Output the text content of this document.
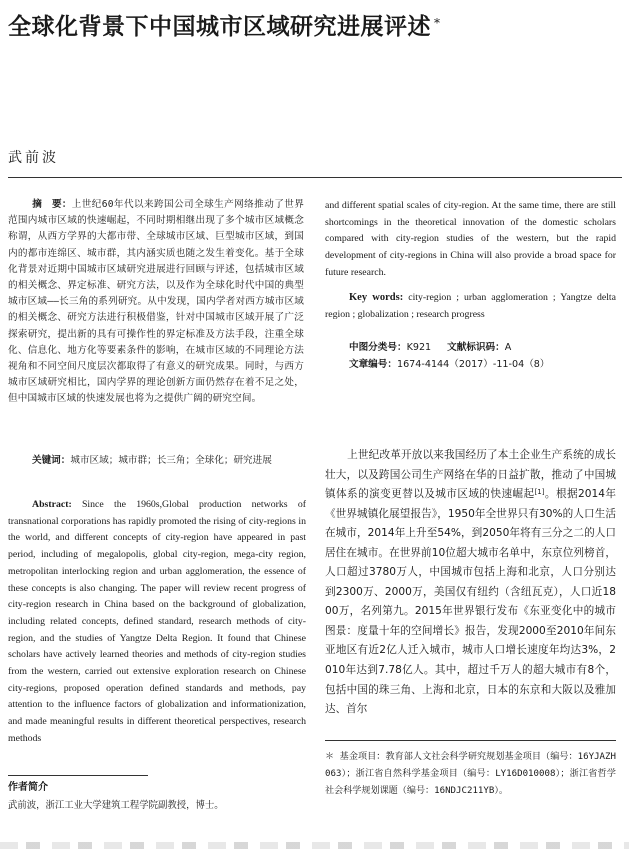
全球化背景下中国城市区域研究进展评述 *
武前波
摘　要：上世纪60年代以来跨国公司全球生产网络推动了世界范围内城市区域的快速崛起，不同时期相继出现了多个城市区域概念称谓，从西方学界的大都市带、全球城市区域、巨型城市区域，到国内的都市连绵区、城市群，其内涵实质也随之发生着变化。基于全球化背景对近期中国城市区域研究进展进行回顾与评述，包括城市区域的相关概念、界定标准、研究方法，以及作为全球化时代中国的典型城市区域——长三角的系列研究。从中发现，国内学者对西方城市区域的相关概念、研究方法进行积极借鉴，针对中国城市区域开展了广泛探索研究，提出新的具有可操作性的界定标准及方法手段，注重全球化、信息化、地方化等要素条件的影响，在城市区域的不同理论方法视角和不同空间尺度层次都取得了有意义的研究成果。同时，与西方城市区域研究相比，国内学界的理论创新方面仍然存在着不足之处，但中国城市区域的快速发展也将为之提供广阔的研究空间。
关键词：城市区域；城市群；长三角；全球化；研究进展
Abstract: Since the 1960s,Global production networks of transnational corporations has rapidly promoted the rising of city-regions in the world, and different concepts of city-region have appeared in past period, including of megalopolis, global city-region, mega-city region, metropolitan interlocking region and urban agglomeration, the essence of these concepts is also changing. The paper will review recent progress of city-region research in China based on the background of globalization, including related concepts, defined standard, research methods of city-region, and the studies of Yangtze Delta Region. It found that Chinese scholars have actively learned theories and methods of city-region studies from the western, carried out extensive exploration research on Chinese city-regions, proposed operation defined standards and methods, pay attention to the influence factors of globalization and informationization, and made meaningful results in different theoretical perspectives, research methods
作者简介
武前波，浙江工业大学建筑工程学院副教授，博士。
and different spatial scales of city-region. At the same time, there are still shortcomings in the theoretical innovation of the domestic scholars compared with city-region studies of the western, but the rapid development of city-regions in China will also provide a broad space for future research.
Key words: city-region ; urban agglomeration ; Yangtze delta region ; globalization ; research progress
中图分类号：K921 文献标识码：A
文章编号：1674-4144（2017）-11-04（8）
上世纪改革开放以来我国经历了本土企业生产系统的成长壮大，以及跨国公司生产网络在华的日益扩散，推动了中国城镇体系的演变更替以及城市区域的快速崛起[1]。根据2014年《世界城镇化展望报告》，1950年全世界只有30%的人口生活在城市，2014年上升至54%，到2050年将有三分之二的人口居住在城市。在世界前10位超大城市名单中，东京位列榜首，人口超过3780万人，中国城市包括上海和北京，人口分别达到2300万、2000万，美国仅有纽约（含纽瓦克），人口近1800万，名列第九。2015年世界银行发布《东亚变化中的城市图景：度量十年的空间增长》报告，发现2000至2010年间东亚地区有近2亿人迁入城市，城市人口增长速度年均达3%，2010年达到7.78亿人。其中，超过千万人的超大城市有8个，包括中国的珠三角、上海和北京，日本的东京和大阪以及雅加达、首尔
＊ 基金项目：教育部人文社会科学研究规划基金项目（编号：16YJAZH063）；浙江省自然科学基金项目（编号：LY16D010008）；浙江省哲学社会科学规划课题（编号：16NDJC211YB）。
